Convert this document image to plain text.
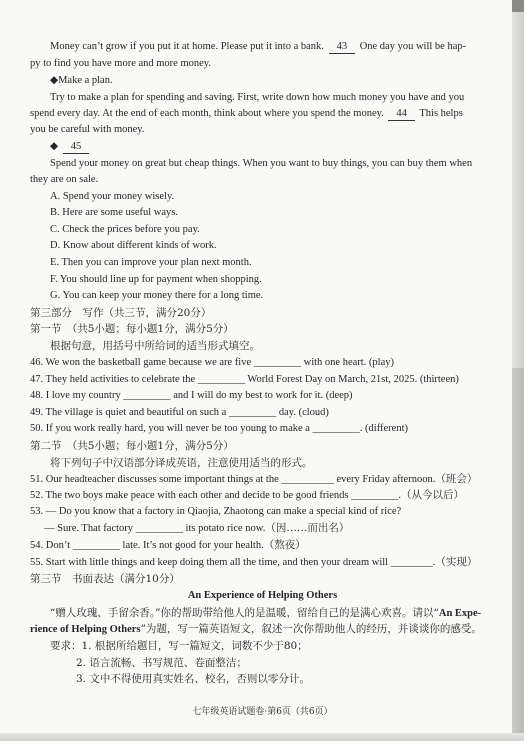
Money can’t grow if you put it at home. Please put it into a bank. 43 One day you will be hap-
py to find you have more and more money.
◆Make a plan.
Try to make a plan for spending and saving. First, write down how much money you have and you
spend every day. At the end of each month, think about where you spend the money. 44 This helps
you be careful with money.
◆ 45
Spend your money on great but cheap things. When you want to buy things, you can buy them when
they are on sale.
A. Spend your money wisely.
B. Here are some useful ways.
C. Check the prices before you pay.
D. Know about different kinds of work.
E. Then you can improve your plan next month.
F. You should line up for payment when shopping.
G. You can keep your money there for a long time.
第三部分　写作（共三节，满分20分）
第一节　（共5小题；每小题1分，满分5分）
根据句意，用括号中所给词的适当形式填空。
46. We won the basketball game because we are five _________ with one heart. (play)
47. They held activities to celebrate the _________ World Forest Day on March, 21st, 2025. (thirteen)
48. I love my country _________ and I will do my best to work for it. (deep)
49. The village is quiet and beautiful on such a _________ day. (cloud)
50. If you work really hard, you will never be too young to make a _________. (different)
第二节　（共5小题；每小题1分，满分5分）
将下列句子中汉语部分译成英语，注意使用适当的形式。
51. Our headteacher discusses some important things at the __________ every Friday afternoon.（班会）
52. The two boys make peace with each other and decide to be good friends _________.（从今以后）
53. — Do you know that a factory in Qiaojia, Zhaotong can make a special kind of rice?
— Sure. That factory _________ its potato rice now.（因……而出名）
54. Don’t _________ late. It’s not good for your health.（熬夜）
55. Start with little things and keep doing them all the time, and then your dream will ________.（实现）
第三节　书面表达（满分10分）
An Experience of Helping Others
“赠人玫瑰，手留余香。”你的帮助带给他人的是温暖，留给自己的是满心欢喜。请以“An Expe-
rience of Helping Others”为题，写一篇英语短文，叙述一次你帮助他人的经历，并谈谈你的感受。
要求：1. 根据所给题目，写一篇短文，词数不少于80；
2. 语言流畅、书写规范、卷面整洁；
3. 文中不得使用真实姓名、校名，否则以零分计。
七年级英语试题卷·第6页（共6页）
